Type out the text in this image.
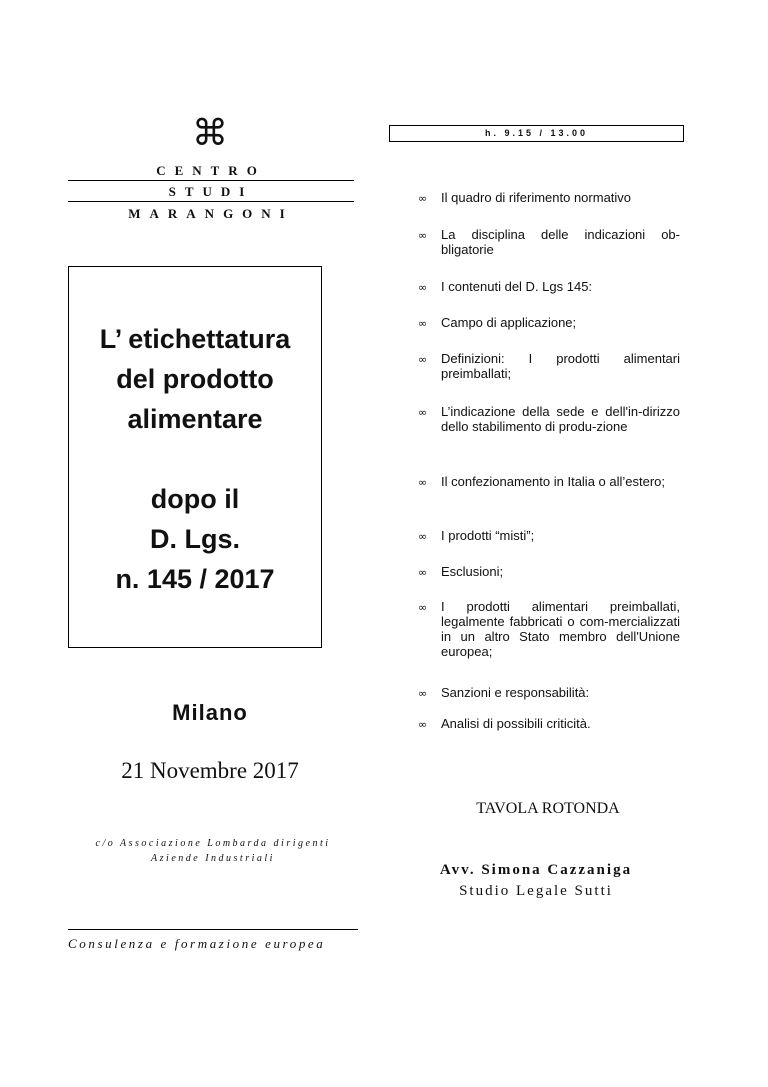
⌘
CENTRO
STUDI
MARANGONI
L’ etichettatura
del prodotto
alimentare
dopo il
D. Lgs.
n. 145 / 2017
Milano
21 Novembre 2017
c/o Associazione Lombarda dirigenti
Aziende Industriali
Consulenza e formazione europea
h. 9.15 / 13.00
∞	Il quadro di riferimento normativo
∞	La disciplina delle indicazioni ob-bligatorie
∞	I contenuti del D. Lgs 145:
∞	Campo di applicazione;
∞	Definizioni: I prodotti alimentari preimballati;
∞	L’indicazione della sede e dell'in-dirizzo dello stabilimento di produ-zione
∞	Il confezionamento in Italia o all’estero;
∞	I prodotti “misti”;
∞	Esclusioni;
∞	I prodotti alimentari preimballati, legalmente fabbricati o com-mercializzati in un altro Stato membro dell'Unione europea;
∞	Sanzioni e responsabilità:
∞	Analisi di possibili criticità.
TAVOLA ROTONDA
Avv. Simona Cazzaniga
Studio Legale Sutti
